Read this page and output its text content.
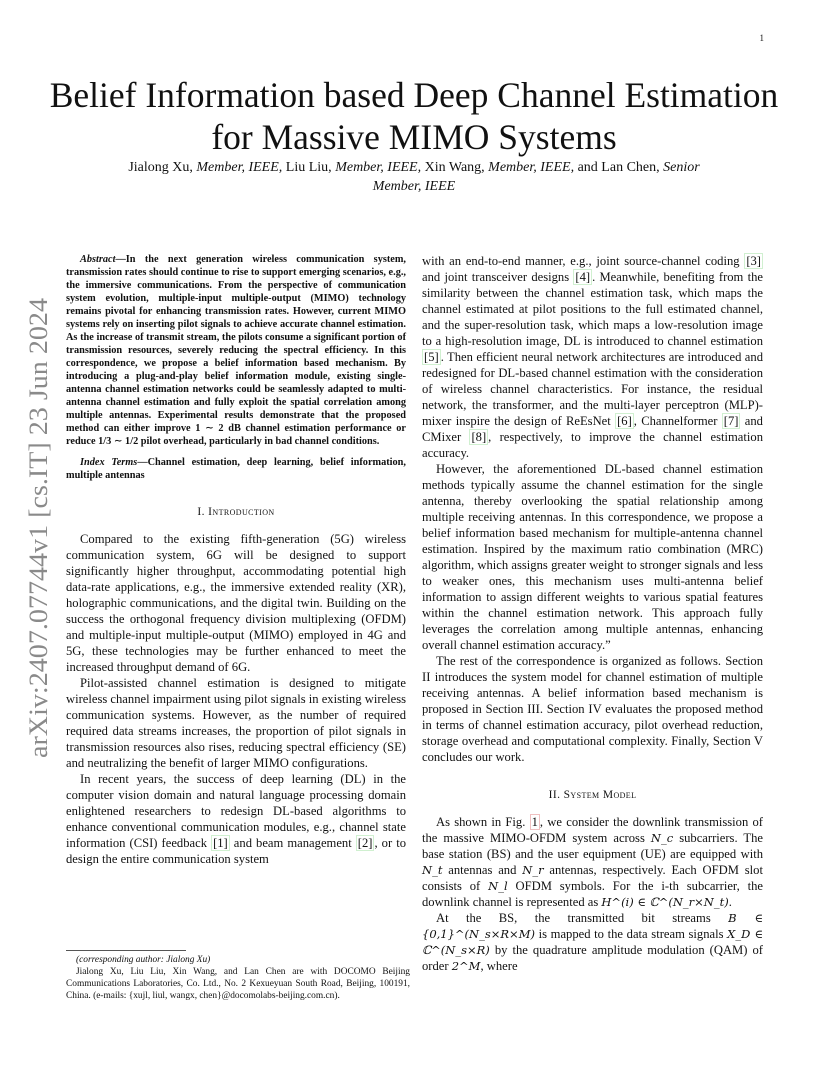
1
arXiv:2407.07744v1 [cs.IT] 23 Jun 2024
Belief Information based Deep Channel Estimation
for Massive MIMO Systems
Jialong Xu, Member, IEEE, Liu Liu, Member, IEEE, Xin Wang, Member, IEEE, and Lan Chen, Senior
Member, IEEE

Abstract—In the next generation wireless communication system, transmission rates should continue to rise to support emerging scenarios, e.g., the immersive communications. From the perspective of communication system evolution, multiple-input multiple-output (MIMO) technology remains pivotal for enhancing transmission rates. However, current MIMO systems rely on inserting pilot signals to achieve accurate channel estimation. As the increase of transmit stream, the pilots consume a significant portion of transmission resources, severely reducing the spectral efficiency. In this correspondence, we propose a belief information based mechanism. By introducing a plug-and-play belief information module, existing single-antenna channel estimation networks could be seamlessly adapted to multi-antenna channel estimation and fully exploit the spatial correlation among multiple antennas. Experimental results demonstrate that the proposed method can either improve 1 ∼ 2 dB channel estimation performance or reduce 1/3 ∼ 1/2 pilot overhead, particularly in bad channel conditions.

Index Terms—Channel estimation, deep learning, belief information, multiple antennas

I. Introduction

Compared to the existing fifth-generation (5G) wireless communication system, 6G will be designed to support significantly higher throughput, accommodating potential high data-rate applications, e.g., the immersive extended reality (XR), holographic communications, and the digital twin. Building on the success the orthogonal frequency division multiplexing (OFDM) and multiple-input multiple-output (MIMO) employed in 4G and 5G, these technologies may be further enhanced to meet the increased throughput demand of 6G.

Pilot-assisted channel estimation is designed to mitigate wireless channel impairment using pilot signals in existing wireless communication systems. However, as the number of required required data streams increases, the proportion of pilot signals in transmission resources also rises, reducing spectral efficiency (SE) and neutralizing the benefit of larger MIMO configurations.

In recent years, the success of deep learning (DL) in the computer vision domain and natural language processing domain enlightened researchers to redesign DL-based algorithms to enhance conventional communication modules, e.g., channel state information (CSI) feedback [1] and beam management [2] , or to design the entire communication system

with an end-to-end manner, e.g., joint source-channel coding [3] and joint transceiver designs [4] . Meanwhile, benefiting from the similarity between the channel estimation task, which maps the channel estimated at pilot positions to the full estimated channel, and the super-resolution task, which maps a low-resolution image to a high-resolution image, DL is introduced to channel estimation [5] . Then efficient neural network architectures are introduced and redesigned for DL-based channel estimation with the consideration of wireless channel characteristics. For instance, the residual network, the transformer, and the multi-layer perceptron (MLP)-mixer inspire the design of ReEsNet [6] , Channelformer [7] and CMixer [8] , respectively, to improve the channel estimation accuracy.

However, the aforementioned DL-based channel estimation methods typically assume the channel estimation for the single antenna, thereby overlooking the spatial relationship among multiple receiving antennas. In this correspondence, we propose a belief information based mechanism for multiple-antenna channel estimation. Inspired by the maximum ratio combination (MRC) algorithm, which assigns greater weight to stronger signals and less to weaker ones, this mechanism uses multi-antenna belief information to assign different weights to various spatial features within the channel estimation network. This approach fully leverages the correlation among multiple antennas, enhancing overall channel estimation accuracy.”

The rest of the correspondence is organized as follows. Section II introduces the system model for channel estimation of multiple receiving antennas. A belief information based mechanism is proposed in Section III. Section IV evaluates the proposed method in terms of channel estimation accuracy, pilot overhead reduction, storage overhead and computational complexity. Finally, Section V concludes our work.

II. System Model

As shown in Fig. 1 , we consider the downlink transmission of the massive MIMO-OFDM system across N_c subcarriers. The base station (BS) and the user equipment (UE) are equipped with N_t antennas and N_r antennas, respectively. Each OFDM slot consists of N_l OFDM symbols. For the i-th subcarrier, the downlink channel is represented as H^(i) ∈ ℂ^(N_r×N_t).

At the BS, the transmitted bit streams B ∈ {0,1}^(N_s×R×M) is mapped to the data stream signals X_D ∈ ℂ^(N_s×R) by the quadrature amplitude modulation (QAM) of order 2^M, where

(corresponding author: Jialong Xu)
Jialong Xu, Liu Liu, Xin Wang, and Lan Chen are with DOCOMO Beijing Communications Laboratories, Co. Ltd., No. 2 Kexueyuan South Road, Beijing, 100191, China. (e-mails: {xujl, liul, wangx, chen}@docomolabs-beijing.com.cn).
